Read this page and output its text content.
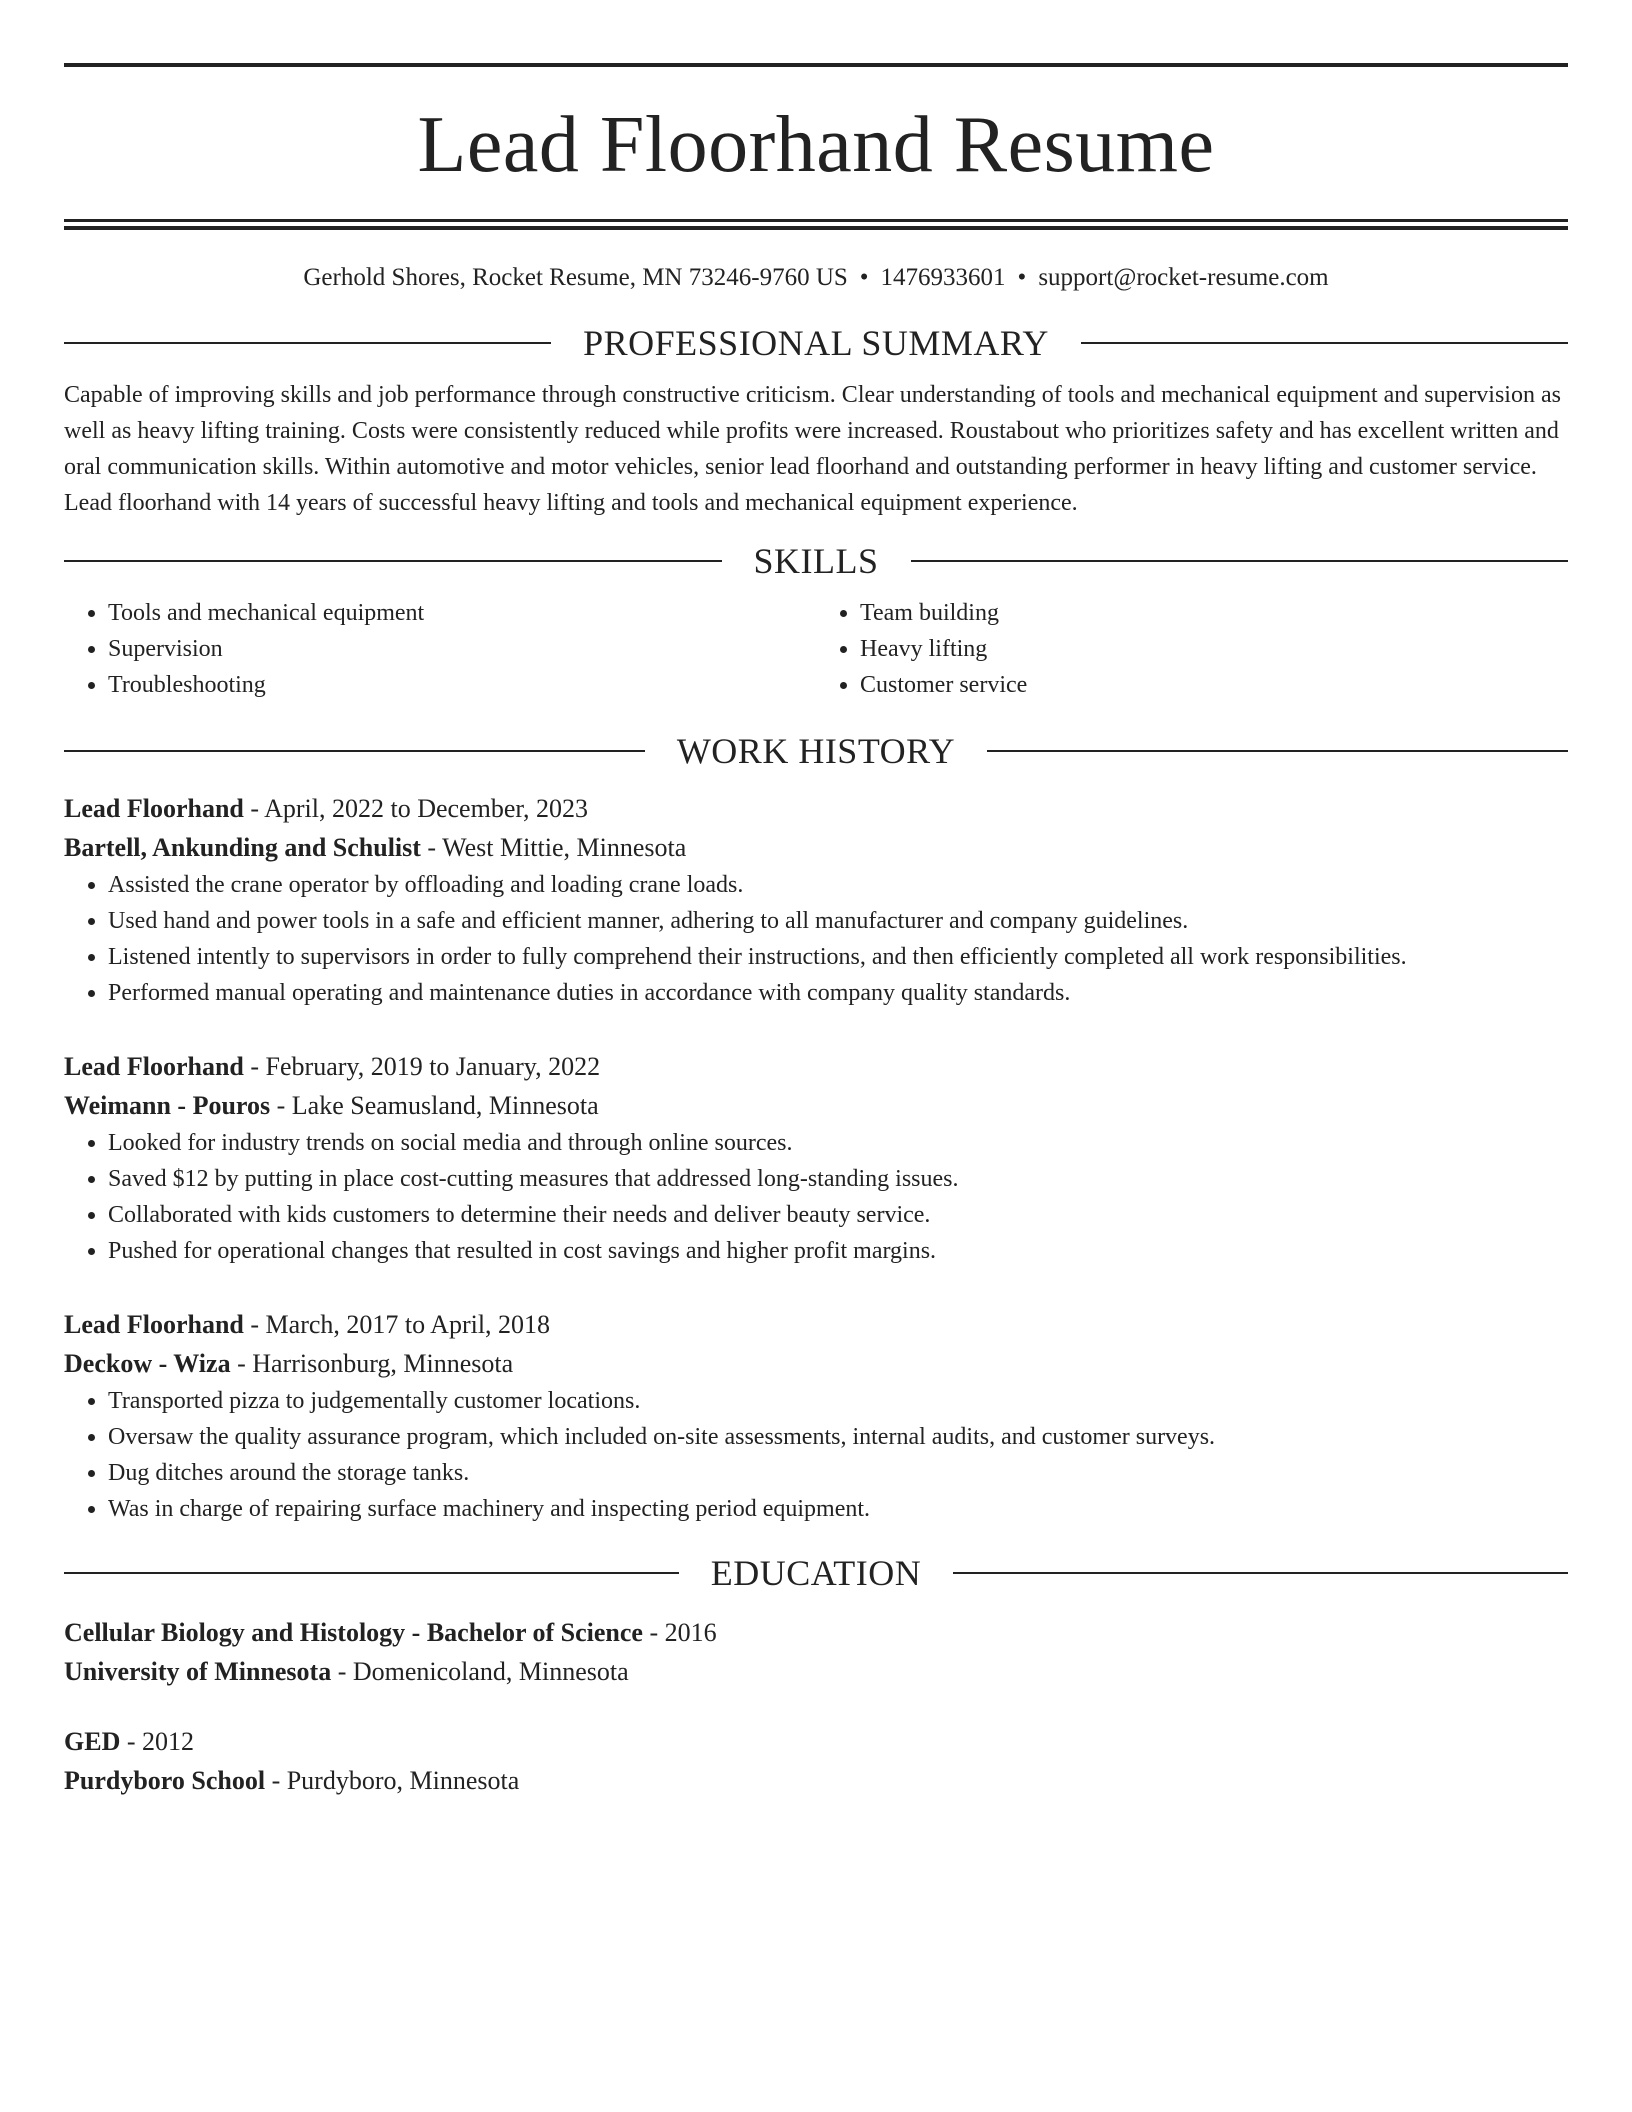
Lead Floorhand Resume
Gerhold Shores, Rocket Resume, MN 73246-9760 US • 1476933601 • support@rocket-resume.com
PROFESSIONAL SUMMARY

Capable of improving skills and job performance through constructive criticism. Clear understanding of tools and mechanical equipment and supervision as well as heavy lifting training. Costs were consistently reduced while profits were increased. Roustabout who prioritizes safety and has excellent written and oral communication skills. Within automotive and motor vehicles, senior lead floorhand and outstanding performer in heavy lifting and customer service. Lead floorhand with 14 years of successful heavy lifting and tools and mechanical equipment experience.

SKILLS
• Tools and mechanical equipment
• Supervision
• Troubleshooting
• Team building
• Heavy lifting
• Customer service
WORK HISTORY
Lead Floorhand - April, 2022 to December, 2023
Bartell, Ankunding and Schulist - West Mittie, Minnesota
• Assisted the crane operator by offloading and loading crane loads.
• Used hand and power tools in a safe and efficient manner, adhering to all manufacturer and company guidelines.
• Listened intently to supervisors in order to fully comprehend their instructions, and then efficiently completed all work responsibilities.
• Performed manual operating and maintenance duties in accordance with company quality standards.
Lead Floorhand - February, 2019 to January, 2022
Weimann - Pouros - Lake Seamusland, Minnesota
• Looked for industry trends on social media and through online sources.
• Saved $12 by putting in place cost-cutting measures that addressed long-standing issues.
• Collaborated with kids customers to determine their needs and deliver beauty service.
• Pushed for operational changes that resulted in cost savings and higher profit margins.
Lead Floorhand - March, 2017 to April, 2018
Deckow - Wiza - Harrisonburg, Minnesota
• Transported pizza to judgementally customer locations.
• Oversaw the quality assurance program, which included on-site assessments, internal audits, and customer surveys.
• Dug ditches around the storage tanks.
• Was in charge of repairing surface machinery and inspecting period equipment.
EDUCATION
Cellular Biology and Histology - Bachelor of Science - 2016
University of Minnesota - Domenicoland, Minnesota
GED - 2012
Purdyboro School - Purdyboro, Minnesota
